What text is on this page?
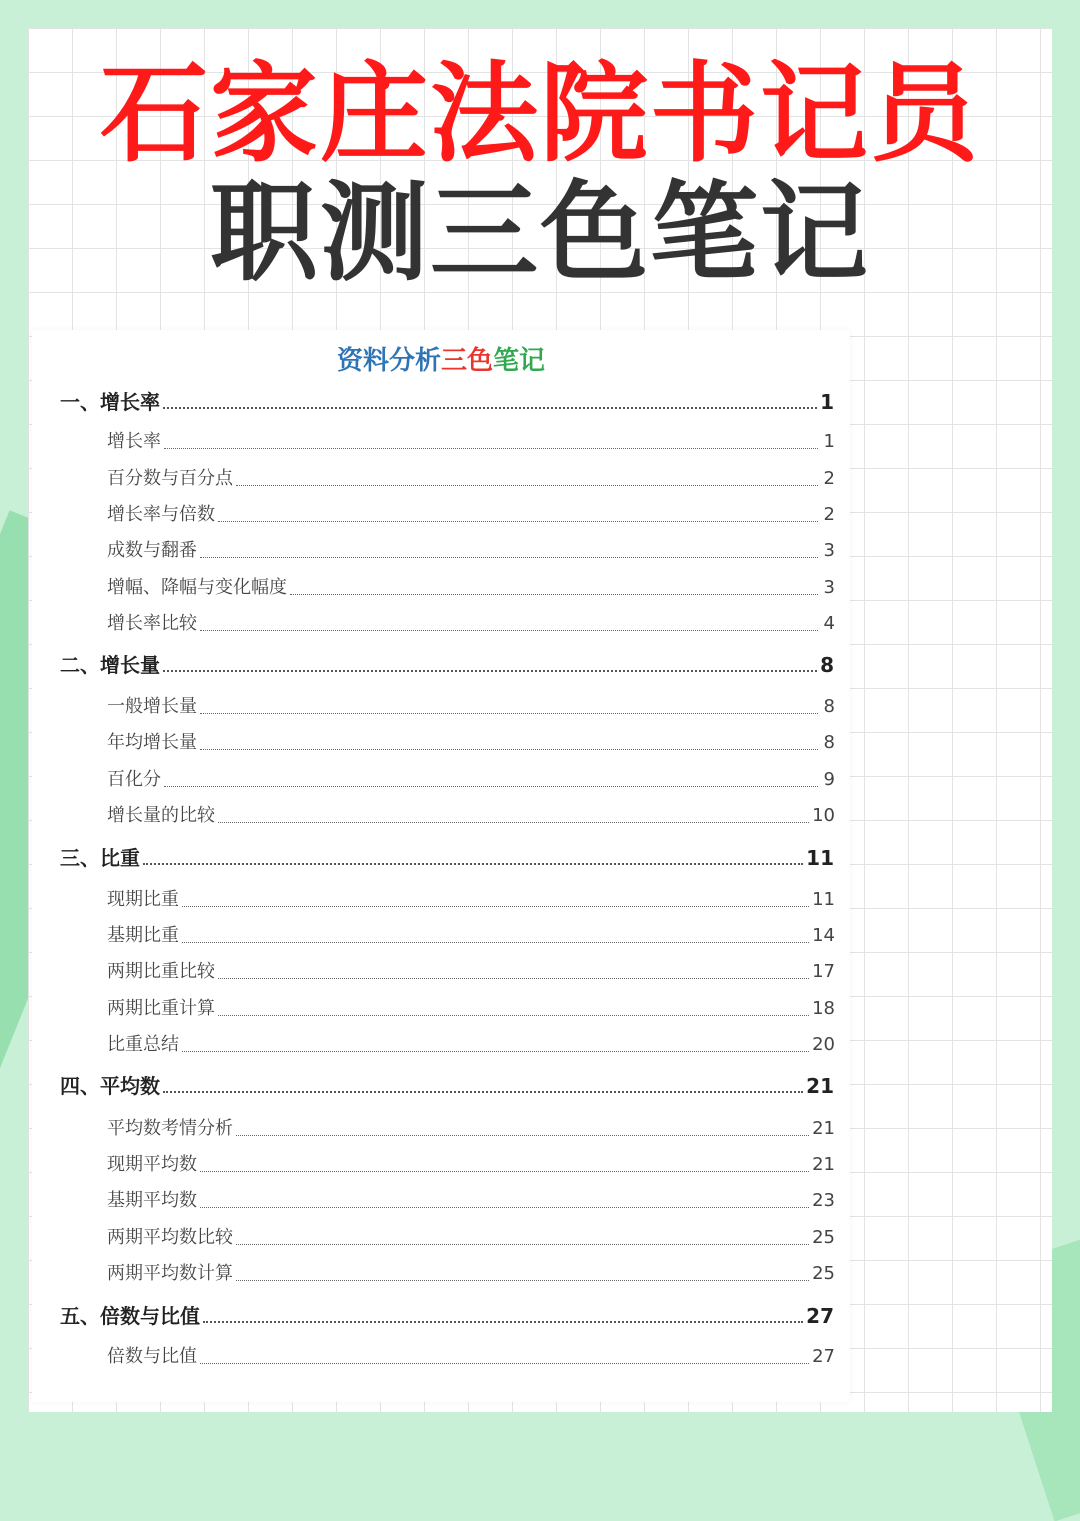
石家庄法院书记员
职测三色笔记
资料分析三色笔记
一、增长率	1
增长率	1
百分数与百分点	2
增长率与倍数	2
成数与翻番	3
增幅、降幅与变化幅度	3
增长率比较	4
二、增长量	8
一般增长量	8
年均增长量	8
百化分	9
增长量的比较	10
三、比重	11
现期比重	11
基期比重	14
两期比重比较	17
两期比重计算	18
比重总结	20
四、平均数	21
平均数考情分析	21
现期平均数	21
基期平均数	23
两期平均数比较	25
两期平均数计算	25
五、倍数与比值	27
倍数与比值	27
